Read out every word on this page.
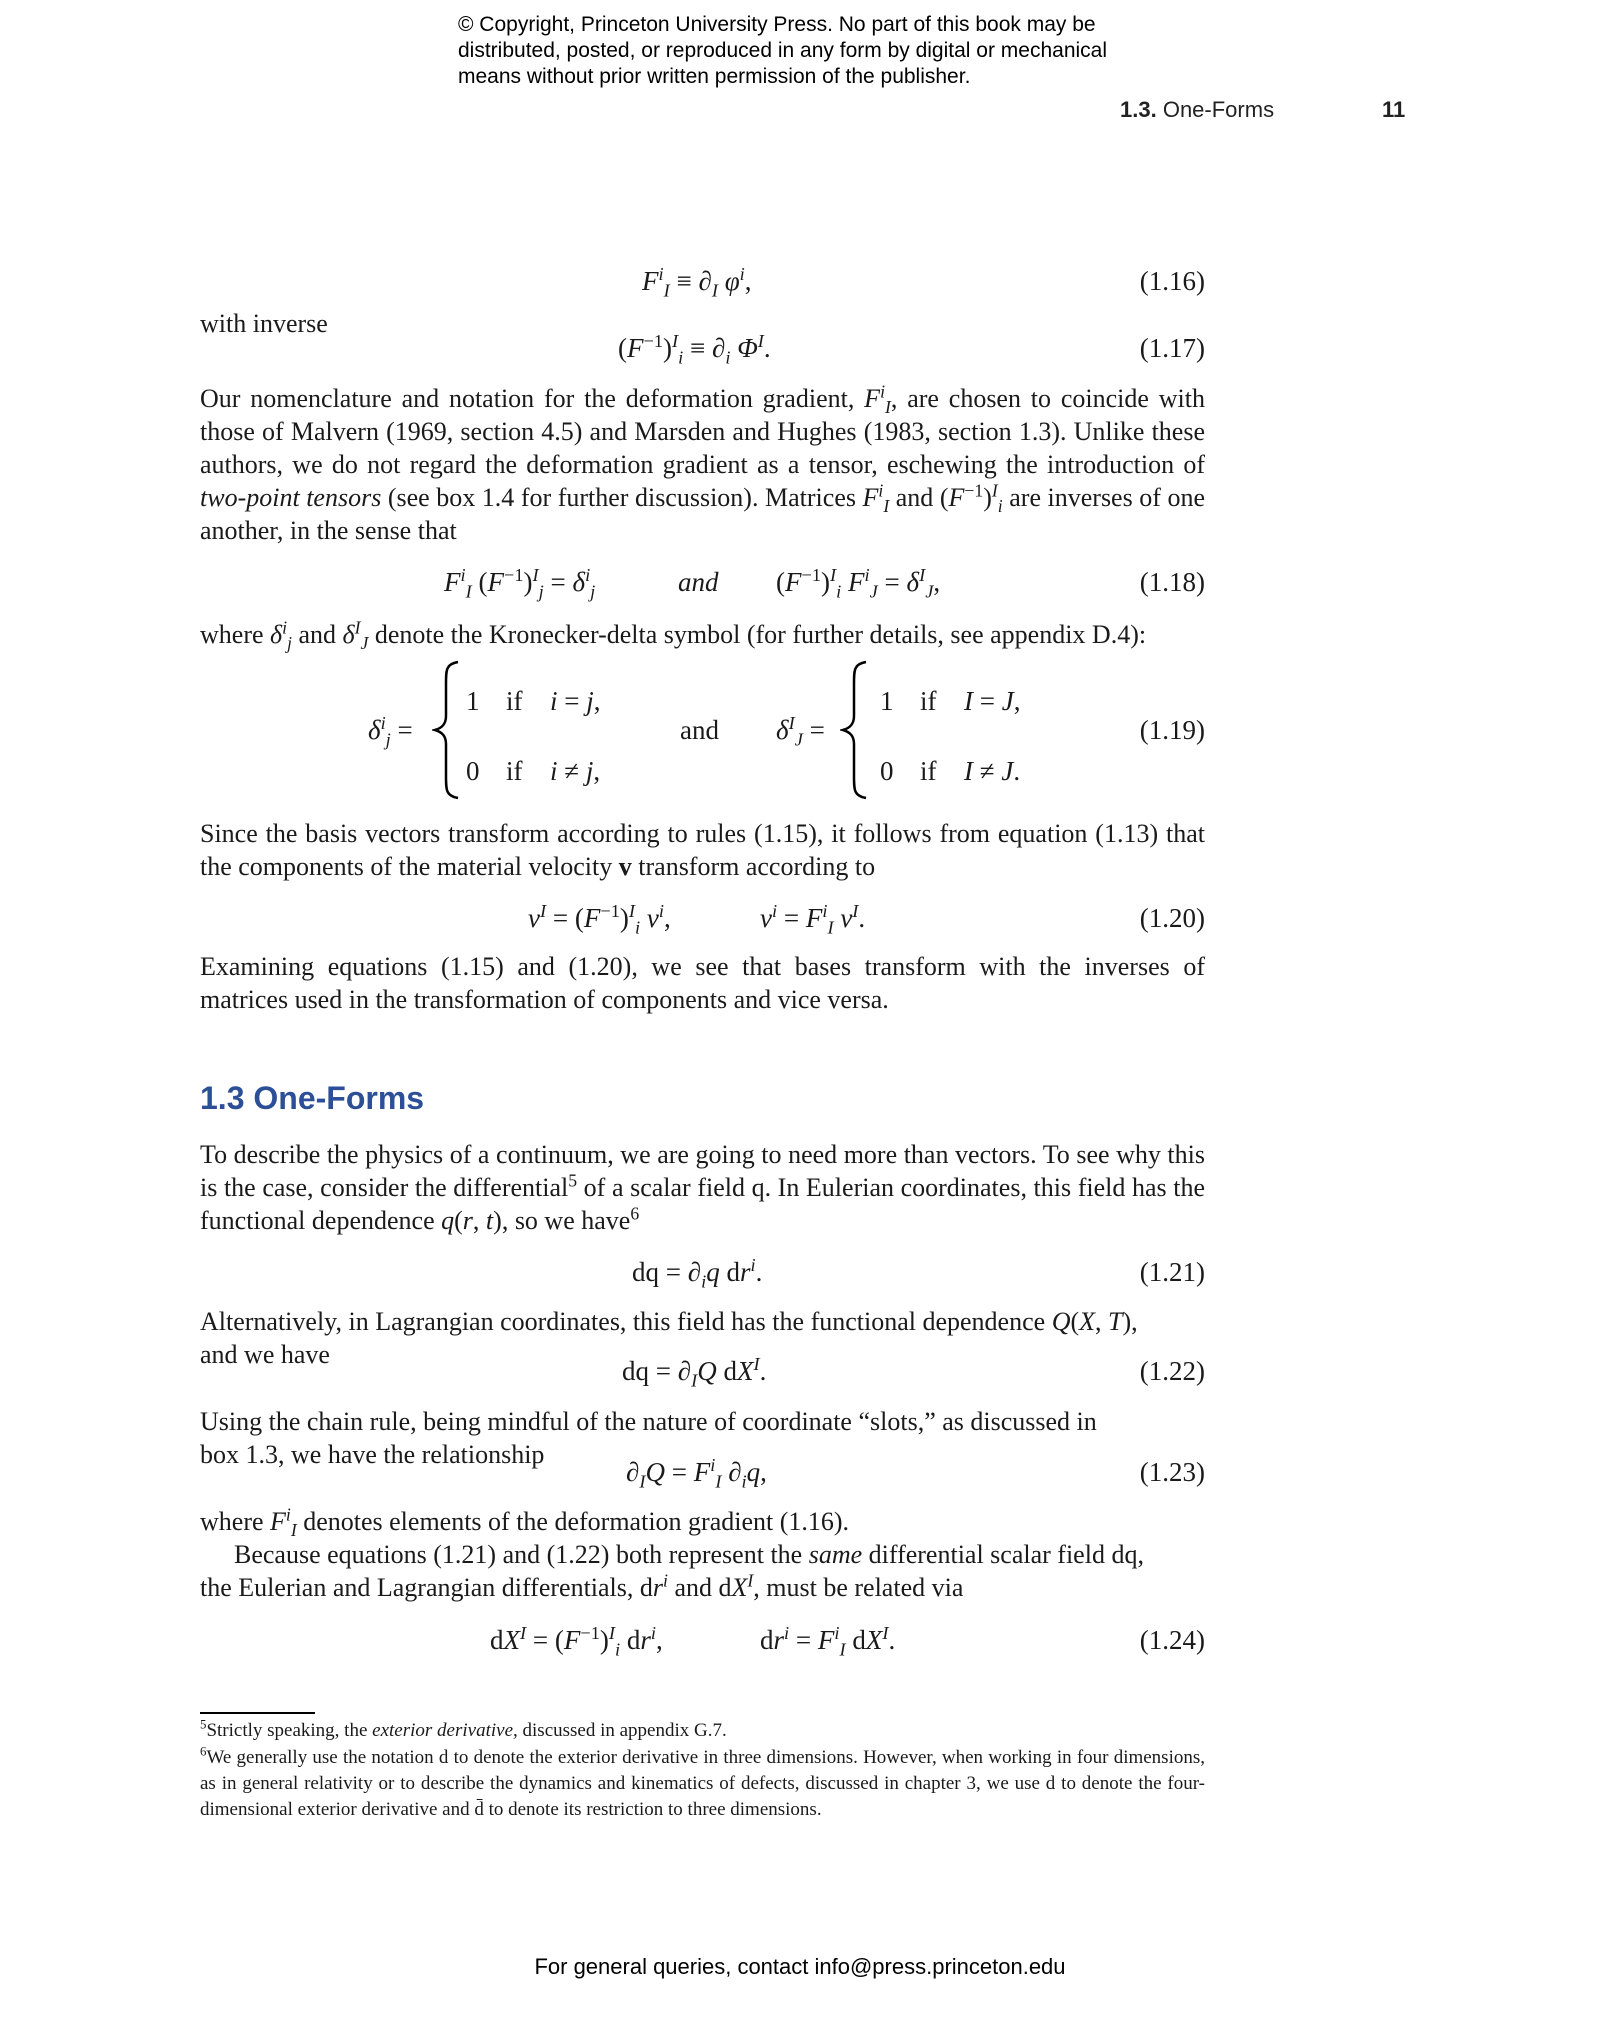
© Copyright, Princeton University Press. No part of this book may be
distributed, posted, or reproduced in any form by digital or mechanical
means without prior written permission of the publisher.
1.3. One-Forms	11
$F^i_I \equiv \partial_I$ $\varphi^i$,	(1.16)
with inverse
$(F^{-1})^I_i \equiv \partial_i$ $\Phi^I$.	(1.17)
Our nomenclature and notation for the deformation gradient, $F^i_I$, are chosen to coincide with those of Malvern (1969, section 4.5) and Marsden and Hughes (1983, section 1.3). Unlike these authors, we do not regard the deformation gradient as a tensor, eschewing the introduction of two-point tensors (see box 1.4 for further discussion). Matrices $F^i_I$ and $(F^{-1})^I_i$ are inverses of one another, in the sense that
$F^i_I$ $(F^{-1})^I_j = \delta^i_j$	and $(F^{-1})^I_i$ $F^i_J = \delta^I_J$,	(1.18)
where $\delta^i_j$ and $\delta^I_J$ denote the Kronecker-delta symbol (for further details, see appendix D.4):
$\delta^i_j$ =
1 if i = j,
0 if i ≠ j,
and $\delta^I_J$ =
1 if I = J,
0 if I ≠ J.
(1.19)
Since the basis vectors transform according to rules (1.15), it follows from equation (1.13) that the components of the material velocity v transform according to
$v^I = (F^{-1})^I_i$ $v^i$,	$v^i = F^i_I$ $v^I$.	(1.20)
Examining equations (1.15) and (1.20), we see that bases transform with the inverses of matrices used in the transformation of components and vice versa.
1.3 One-Forms
To describe the physics of a continuum, we are going to need more than vectors. To see why this is the case, consider the differential$^5$ of a scalar field q. In Eulerian coordinates, this field has the functional dependence q(r, t), so we have$^6$
dq = $\partial_iq$ $dr^i$.	(1.21)
Alternatively, in Lagrangian coordinates, this field has the functional dependence Q(X, T),
and we have
dq = $\partial_IQ$ $dX^I$.	(1.22)
Using the chain rule, being mindful of the nature of coordinate “slots,” as discussed in
box 1.3, we have the relationship
$\partial_IQ = F^i_I$ $\partial_iq$,	(1.23)
where $F^i_I$ denotes elements of the deformation gradient (1.16).
Because equations (1.21) and (1.22) both represent the same differential scalar field dq,
the Eulerian and Lagrangian differentials, $dr^i$ and $dX^I$, must be related via
$dX^I = (F^{-1})^I_i$ $dr^i$,	$dr^i = F^i_I$ $dX^I$.	(1.24)
$^5$Strictly speaking, the exterior derivative, discussed in appendix G.7.
$^6$We generally use the notation d to denote the exterior derivative in three dimensions. However, when working in four dimensions, as in general relativity or to describe the dynamics and kinematics of defects, discussed in chapter 3, we use d to denote the four-dimensional exterior derivative and d̄ to denote its restriction to three dimensions.
For general queries, contact info@press.princeton.edu
